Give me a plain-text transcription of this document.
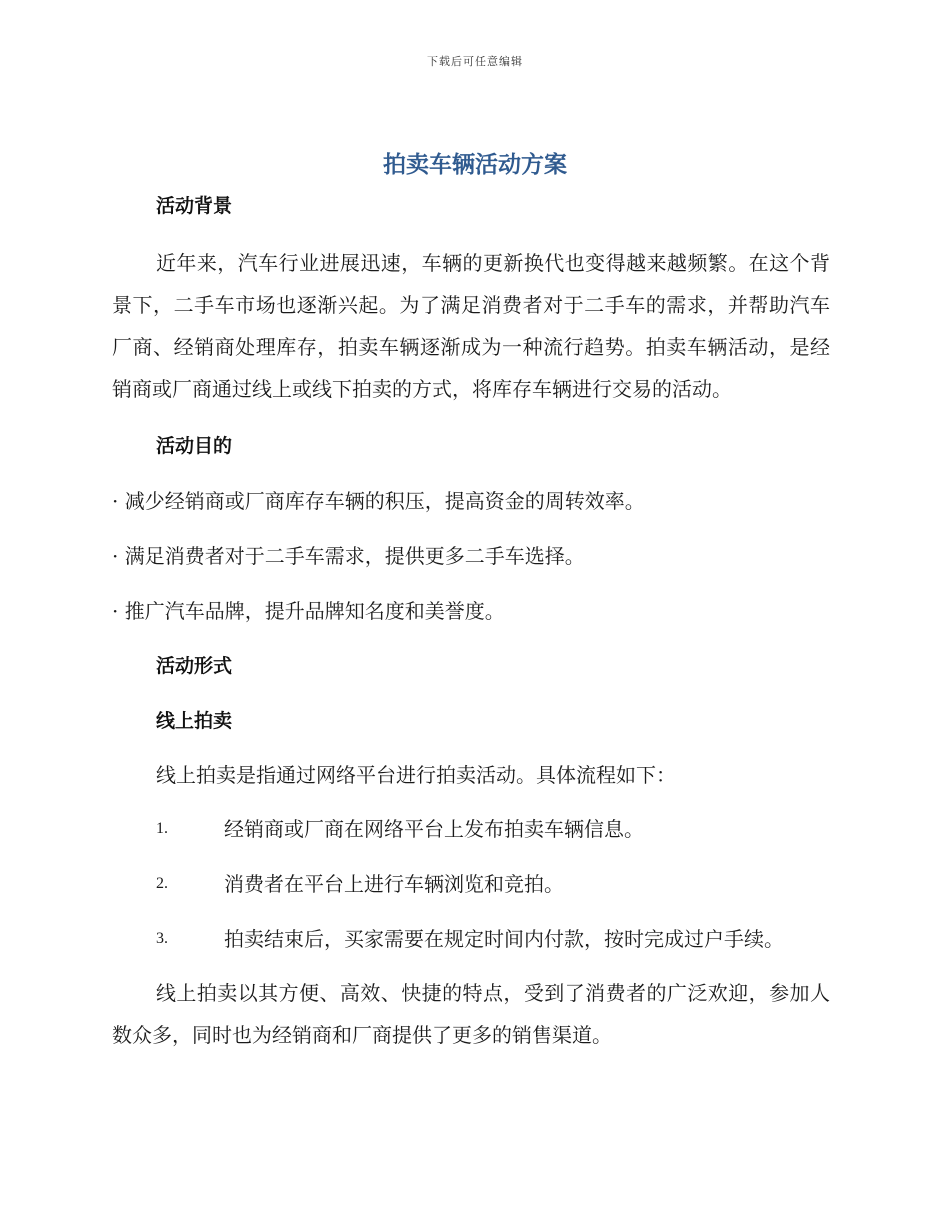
下载后可任意编辑
拍卖车辆活动方案
活动背景

近年来，汽车行业进展迅速，车辆的更新换代也变得越来越频繁。在这个背景下，二手车市场也逐渐兴起。为了满足消费者对于二手车的需求，并帮助汽车厂商、经销商处理库存，拍卖车辆逐渐成为一种流行趋势。拍卖车辆活动，是经销商或厂商通过线上或线下拍卖的方式，将库存车辆进行交易的活动。

活动目的

· 减少经销商或厂商库存车辆的积压，提高资金的周转效率。

· 满足消费者对于二手车需求，提供更多二手车选择。

· 推广汽车品牌，提升品牌知名度和美誉度。

活动形式
线上拍卖

线上拍卖是指通过网络平台进行拍卖活动。具体流程如下：

1.	经销商或厂商在网络平台上发布拍卖车辆信息。
2.	消费者在平台上进行车辆浏览和竞拍。
3.	拍卖结束后，买家需要在规定时间内付款，按时完成过户手续。

线上拍卖以其方便、高效、快捷的特点，受到了消费者的广泛欢迎，参加人数众多，同时也为经销商和厂商提供了更多的销售渠道。
